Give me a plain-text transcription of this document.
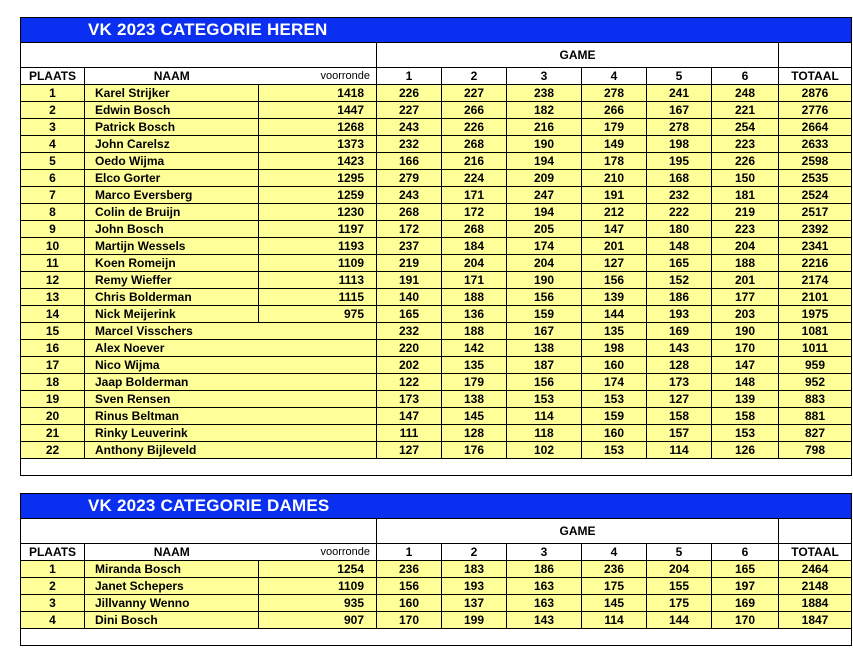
VK 2023 CATEGORIE HEREN									
			GAME						
PLAATS	NAAM	voorronde	1	2	3	4	5	6	TOTAAL
1	Karel Strijker	1418	226	227	238	278	241	248	2876
2	Edwin Bosch	1447	227	266	182	266	167	221	2776
3	Patrick Bosch	1268	243	226	216	179	278	254	2664
4	John Carelsz	1373	232	268	190	149	198	223	2633
5	Oedo Wijma	1423	166	216	194	178	195	226	2598
6	Elco Gorter	1295	279	224	209	210	168	150	2535
7	Marco Eversberg	1259	243	171	247	191	232	181	2524
8	Colin de Bruijn	1230	268	172	194	212	222	219	2517
9	John Bosch	1197	172	268	205	147	180	223	2392
10	Martijn Wessels	1193	237	184	174	201	148	204	2341
11	Koen Romeijn	1109	219	204	204	127	165	188	2216
12	Remy Wieffer	1113	191	171	190	156	152	201	2174
13	Chris Bolderman	1115	140	188	156	139	186	177	2101
14	Nick Meijerink	975	165	136	159	144	193	203	1975
15	Marcel Visschers		232	188	167	135	169	190	1081
16	Alex Noever		220	142	138	198	143	170	1011
17	Nico Wijma		202	135	187	160	128	147	959
18	Jaap Bolderman		122	179	156	174	173	148	952
19	Sven Rensen		173	138	153	153	127	139	883
20	Rinus Beltman		147	145	114	159	158	158	881
21	Rinky Leuverink		111	128	118	160	157	153	827
22	Anthony Bijleveld		127	176	102	153	114	126	798

VK 2023 CATEGORIE DAMES									
			GAME						
PLAATS	NAAM	voorronde	1	2	3	4	5	6	TOTAAL
1	Miranda Bosch	1254	236	183	186	236	204	165	2464
2	Janet Schepers	1109	156	193	163	175	155	197	2148
3	Jillvanny Wenno	935	160	137	163	145	175	169	1884
4	Dini Bosch	907	170	199	143	114	144	170	1847
